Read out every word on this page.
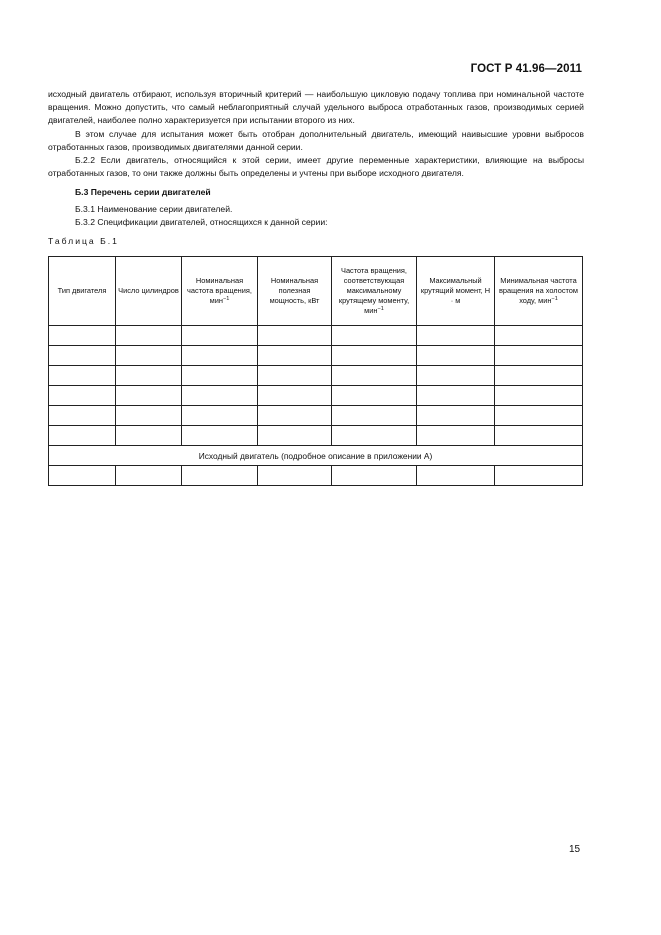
ГОСТ Р 41.96—2011

исходный двигатель отбирают, используя вторичный критерий — наибольшую цикловую подачу топлива при номинальной частоте вращения. Можно допустить, что самый неблагоприятный случай удельного выброса отработанных газов, производимых серией двигателей, наиболее полно характеризуется при испытании второго из них.

В этом случае для испытания может быть отобран дополнительный двигатель, имеющий наивысшие уровни выбросов отработанных газов, производимых двигателями данной серии.

Б.2.2 Если двигатель, относящийся к этой серии, имеет другие переменные характеристики, влияющие на выбросы отработанных газов, то они также должны быть определены и учтены при выборе исходного двигателя.

Б.3 Перечень серии двигателей

Б.3.1 Наименование серии двигателей.

Б.3.2 Спецификации двигателей, относящихся к данной серии:

Таблица Б.1
Тип двигателя	Число цилиндров	Номинальная частота вращения, мин$^{-1}$	Номинальная полезная мощность, кВт	Частота вращения, соответствующая максимальному крутящему моменту, мин$^{-1}$	Максимальный крутящий момент, Н · м	Минимальная частота вращения на холостом ходу, мин$^{-1}$

Исходный двигатель (подробное описание в приложении А)						

15
